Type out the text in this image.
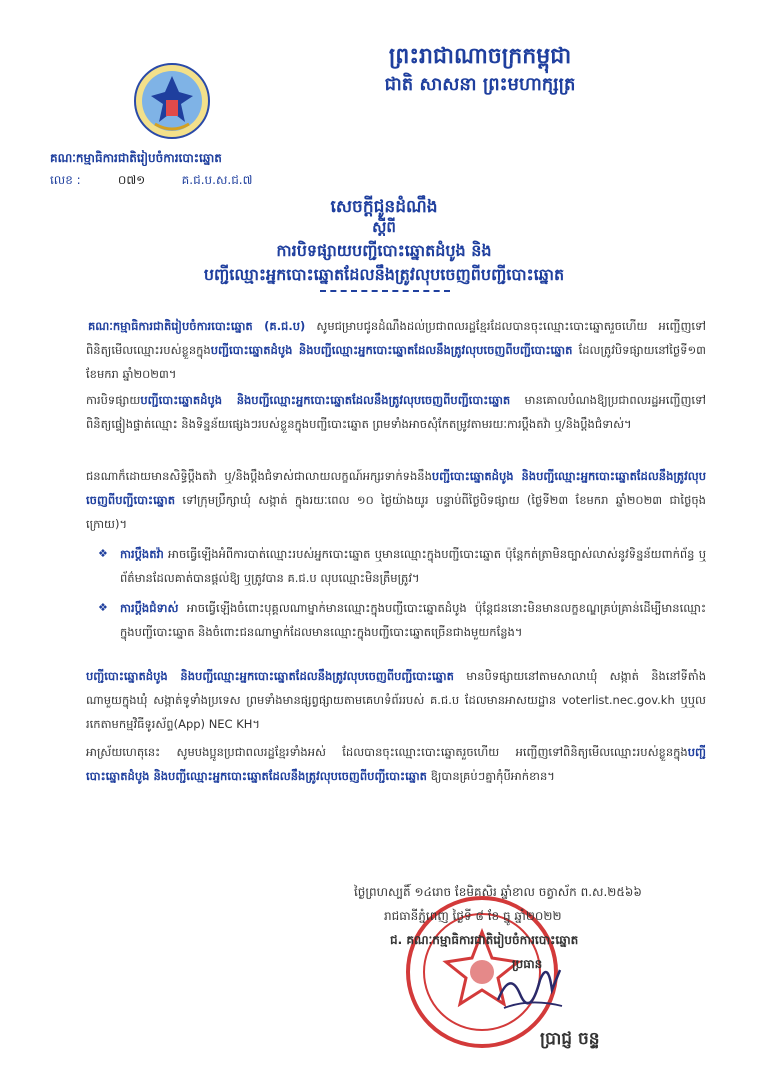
ព្រះរាជាណាចក្រកម្ពុជា
ជាតិ សាសនា ព្រះមហាក្សត្រ
គណៈកម្មាធិការជាតិរៀបចំការបោះឆ្នោត
លេខ :	០៧១	គ.ជ.ប.ស.ជ.៧
សេចក្តីជូនដំណឹង
ស្តីពី
ការបិទផ្សាយបញ្ជីបោះឆ្នោតដំបូង និង
បញ្ជីឈ្មោះអ្នកបោះឆ្នោតដែលនឹងត្រូវលុបចេញពីបញ្ជីបោះឆ្នោត
គណៈកម្មាធិការជាតិរៀបចំការបោះឆ្នោត (គ.ជ.ប) សូមជម្រាបជូនដំណឹងដល់ប្រជាពលរដ្ឋខ្មែរដែលបានចុះឈ្មោះបោះឆ្នោតរួចហើយ អញ្ជើញទៅពិនិត្យមើលឈ្មោះរបស់ខ្លួនក្នុងបញ្ជីបោះឆ្នោតដំបូង និងបញ្ជីឈ្មោះអ្នកបោះឆ្នោតដែលនឹងត្រូវលុបចេញពីបញ្ជីបោះឆ្នោត ដែលត្រូវបិទផ្សាយនៅថ្ងៃទី១៣ ខែមករា ឆ្នាំ២០២៣។
ការបិទផ្សាយបញ្ជីបោះឆ្នោតដំបូង និងបញ្ជីឈ្មោះអ្នកបោះឆ្នោតដែលនឹងត្រូវលុបចេញពីបញ្ជីបោះឆ្នោត មានគោលបំណងឱ្យប្រជាពលរដ្ឋអញ្ជើញទៅពិនិត្យផ្ទៀងផ្ទាត់ឈ្មោះ និងទិន្នន័យផ្សេងៗរបស់ខ្លួនក្នុងបញ្ជីបោះឆ្នោត ព្រមទាំងអាចសុំកែតម្រូវតាមរយៈការប្តឹងតវ៉ា ឬ/និងប្តឹងជំទាស់។
ជនណាក៏ដោយមានសិទ្ធិប្តឹងតវ៉ា ឬ/និងប្តឹងជំទាស់ជាលាយលក្ខណ៍អក្សរទាក់ទងនឹងបញ្ជីបោះឆ្នោតដំបូង និងបញ្ជីឈ្មោះអ្នកបោះឆ្នោតដែលនឹងត្រូវលុបចេញពីបញ្ជីបោះឆ្នោត ទៅក្រុមប្រឹក្សាឃុំ សង្កាត់ ក្នុងរយៈពេល ១០ ថ្ងៃយ៉ាងយូរ បន្ទាប់ពីថ្ងៃបិទផ្សាយ (ថ្ងៃទី២៣ ខែមករា ឆ្នាំ២០២៣ ជាថ្ងៃចុងក្រោយ)។
❖ ការប្តឹងតវ៉ា អាចធ្វើឡើងអំពីការបាត់ឈ្មោះរបស់អ្នកបោះឆ្នោត ឬមានឈ្មោះក្នុងបញ្ជីបោះឆ្នោត ប៉ុន្តែកត់ត្រាមិនច្បាស់លាស់នូវទិន្នន័យពាក់ព័ន្ធ ឬព័ត៌មានដែលគាត់បានផ្តល់ឱ្យ ឬត្រូវបាន គ.ជ.ប លុបឈ្មោះមិនត្រឹមត្រូវ។
❖ ការប្តឹងជំទាស់ អាចធ្វើឡើងចំពោះបុគ្គលណាម្នាក់មានឈ្មោះក្នុងបញ្ជីបោះឆ្នោតដំបូង ប៉ុន្តែជននោះមិនមានលក្ខខណ្ឌគ្រប់គ្រាន់ដើម្បីមានឈ្មោះក្នុងបញ្ជីបោះឆ្នោត និងចំពោះជនណាម្នាក់ដែលមានឈ្មោះក្នុងបញ្ជីបោះឆ្នោតច្រើនជាងមួយកន្លែង។
បញ្ជីបោះឆ្នោតដំបូង និងបញ្ជីឈ្មោះអ្នកបោះឆ្នោតដែលនឹងត្រូវលុបចេញពីបញ្ជីបោះឆ្នោត មានបិទផ្សាយនៅតាមសាលាឃុំ សង្កាត់ និងនៅទីតាំងណាមួយក្នុងឃុំ សង្កាត់ទូទាំងប្រទេស ព្រមទាំងមានផ្សព្វផ្សាយតាមគេហទំព័ររបស់ គ.ជ.ប ដែលមានអាសយដ្ឋាន voterlist.nec.gov.kh ឬឬលរកេតាមកម្មវិធីទូរស័ព្ទ(App) NEC KH។
អាស្រ័យហេតុនេះ សូមបងប្អូនប្រជាពលរដ្ឋខ្មែរទាំងអស់ ដែលបានចុះឈ្មោះបោះឆ្នោតរួចហើយ អញ្ជើញទៅពិនិត្យមើលឈ្មោះរបស់ខ្លួនក្នុងបញ្ជីបោះឆ្នោតដំបូង និងបញ្ជីឈ្មោះអ្នកបោះឆ្នោតដែលនឹងត្រូវលុបចេញពីបញ្ជីបោះឆ្នោត ឱ្យបានគ្រប់ៗគ្នាកុំបីអាក់ខាន។
ថ្ងៃព្រហស្បតិ៍ ១៤រោច ខែមិគសិរ ឆ្នាំខាល ចត្វាស័ក ព.ស.២៥៦៦
រាជធានីភ្នំពេញ ថ្ងៃទី ៨ ខែ ធ្នូ ឆ្នាំ២០២២
ជ. គណៈកម្មាធិការជាតិរៀបចំការបោះឆ្នោត
ប្រធាន
ប្រាជ្ញ ចន្ទ
